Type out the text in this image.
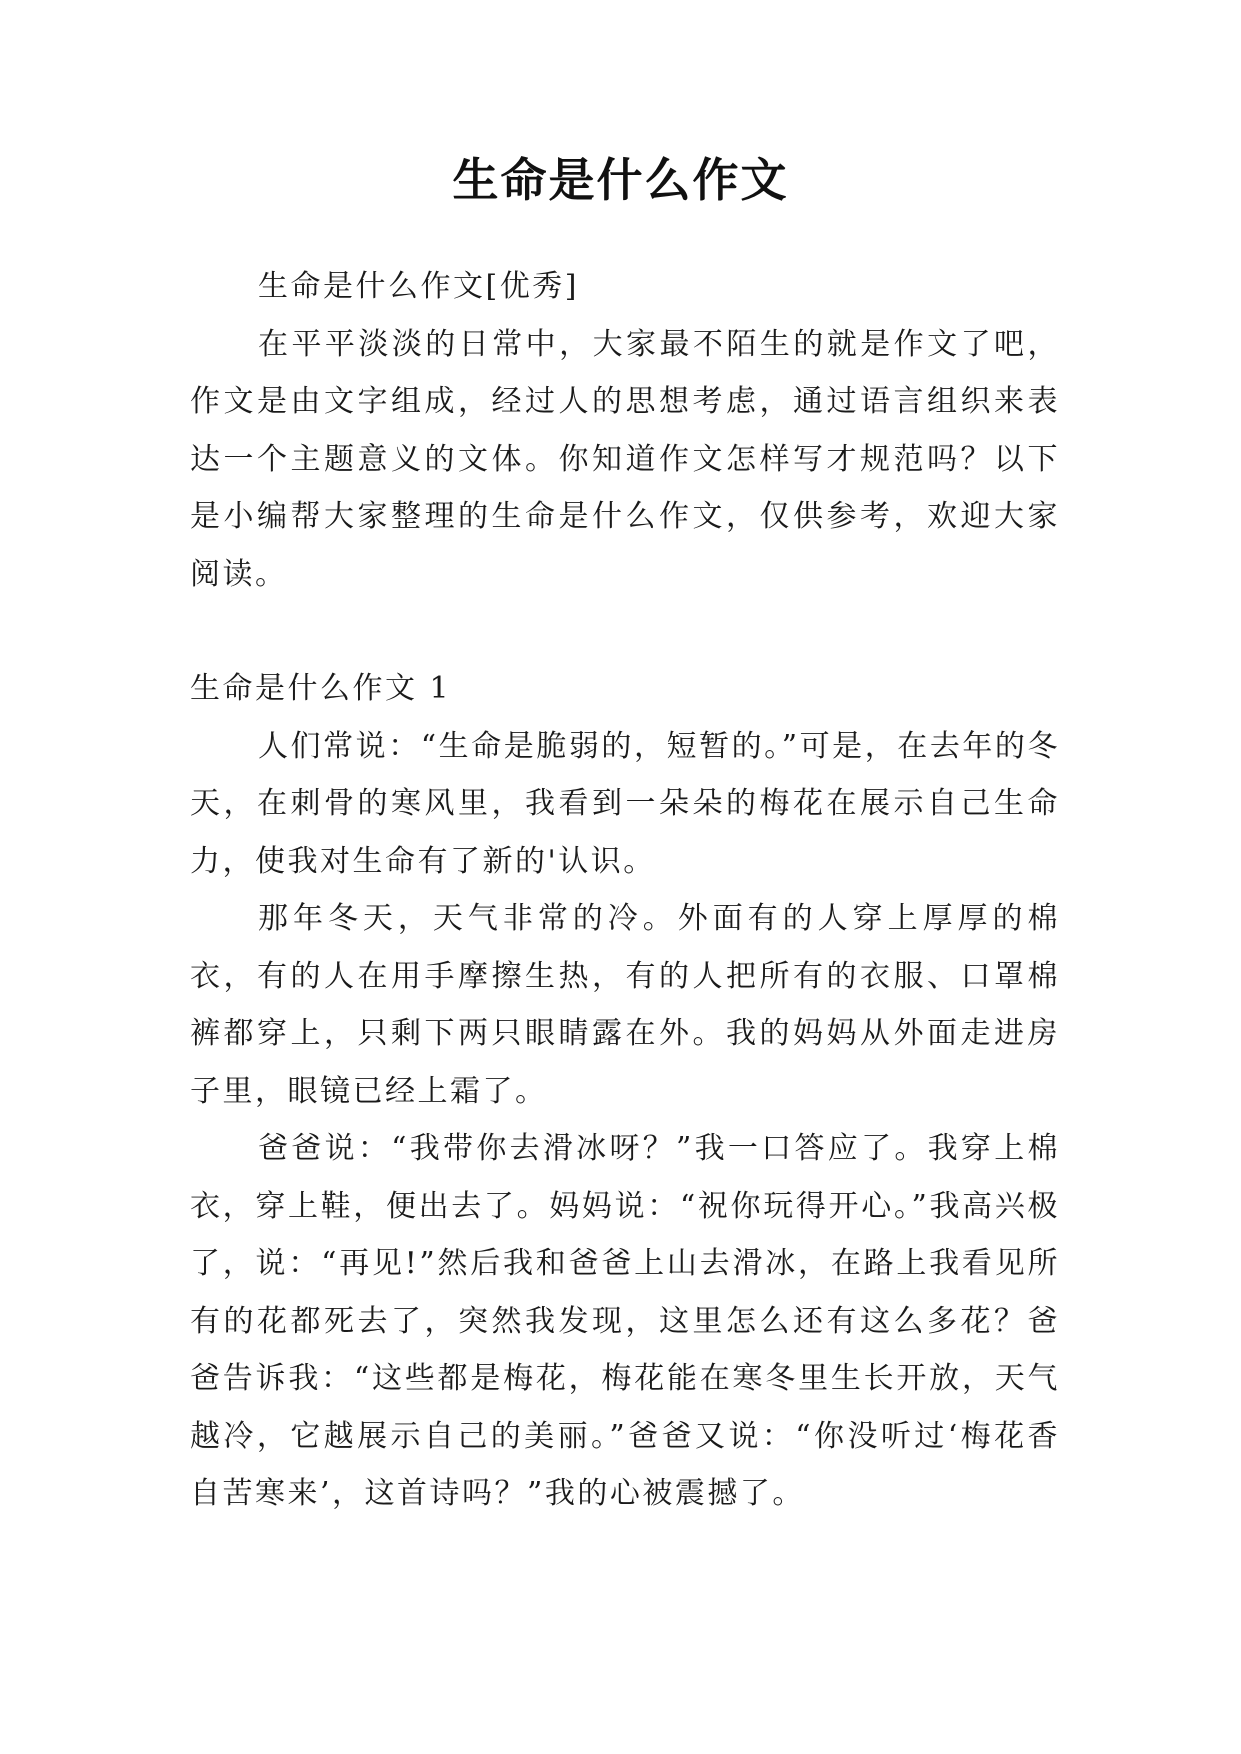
生命是什么作文

生命是什么作文[优秀]

在平平淡淡的日常中，大家最不陌生的就是作文了吧，作文是由文字组成，经过人的思想考虑，通过语言组织来表达一个主题意义的文体。你知道作文怎样写才规范吗？以下是小编帮大家整理的生命是什么作文，仅供参考，欢迎大家阅读。

生命是什么作文 1

人们常说：“生命是脆弱的，短暂的。”可是，在去年的冬天，在刺骨的寒风里，我看到一朵朵的梅花在展示自己生命力，使我对生命有了新的'认识。

那年冬天，天气非常的冷。外面有的人穿上厚厚的棉衣，有的人在用手摩擦生热，有的人把所有的衣服、口罩棉裤都穿上，只剩下两只眼睛露在外。我的妈妈从外面走进房子里，眼镜已经上霜了。

爸爸说：“我带你去滑冰呀？”我一口答应了。我穿上棉衣，穿上鞋，便出去了。妈妈说：“祝你玩得开心。”我高兴极了，说：“再见!”然后我和爸爸上山去滑冰，在路上我看见所有的花都死去了，突然我发现，这里怎么还有这么多花？爸爸告诉我：“这些都是梅花，梅花能在寒冬里生长开放，天气越冷，它越展示自己的美丽。”爸爸又说：“你没听过‘梅花香自苦寒来’，这首诗吗？”我的心被震撼了。
